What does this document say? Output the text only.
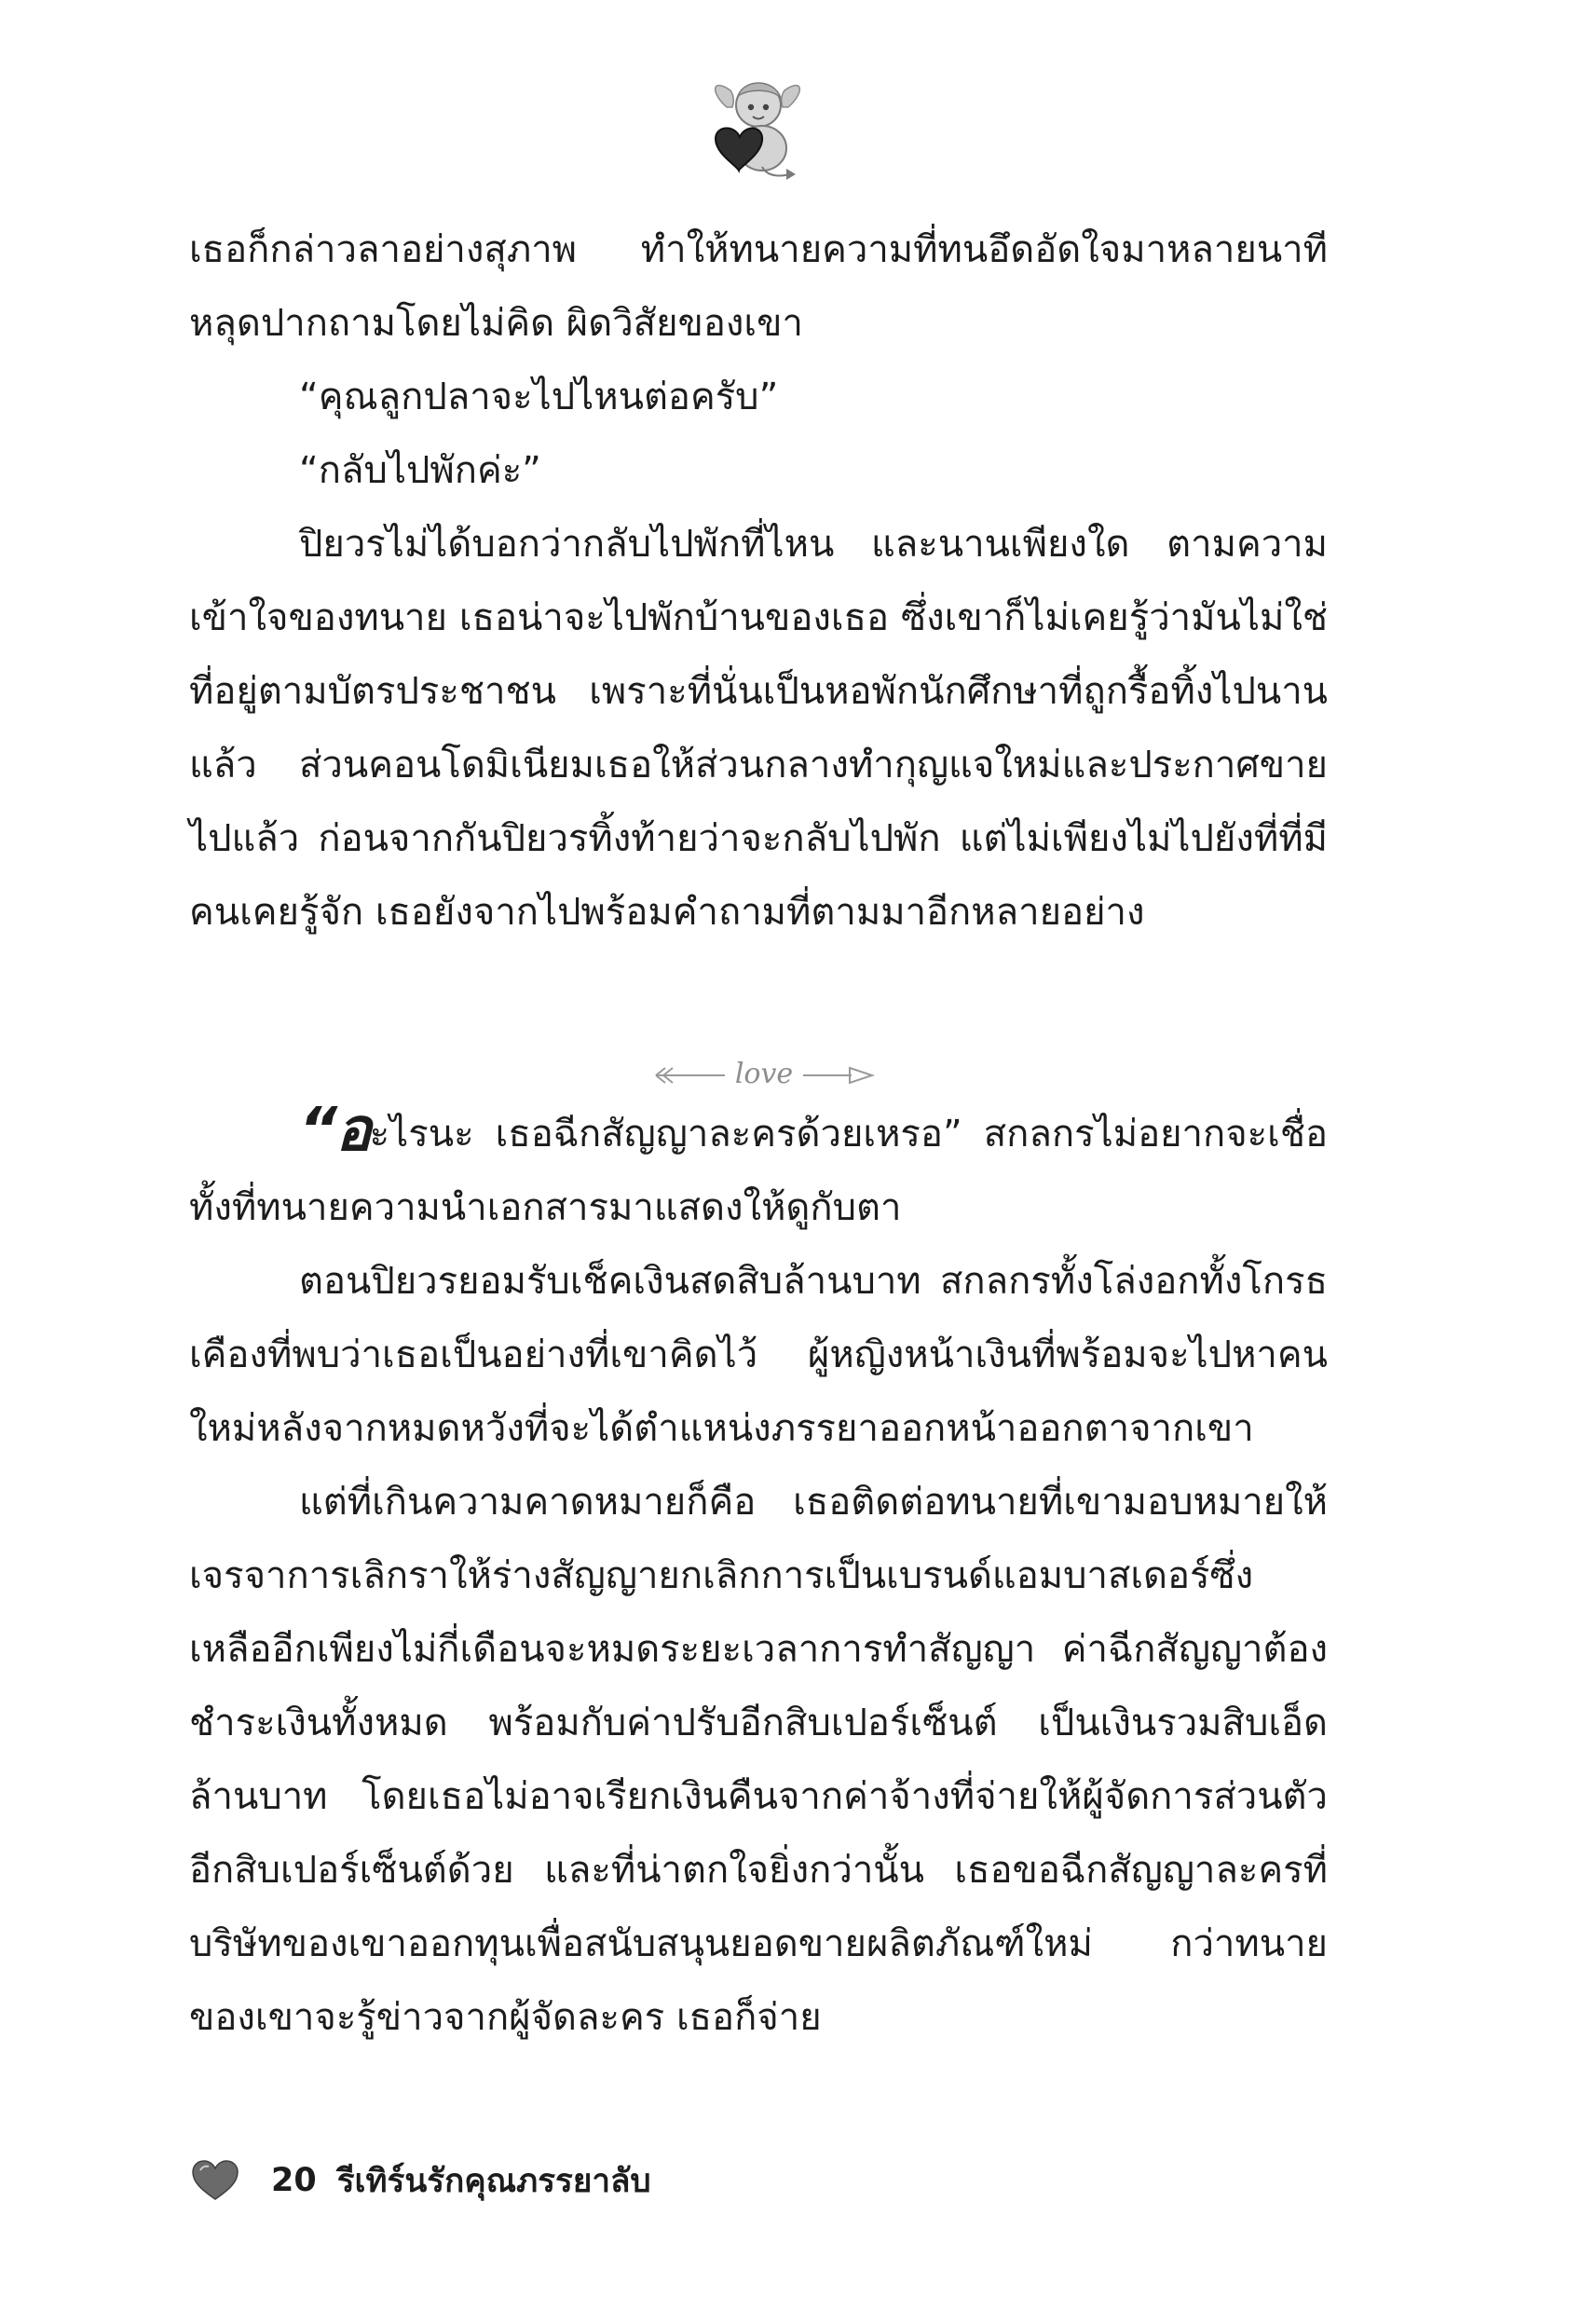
เธอก็กล่าวลาอย่างสุภาพ ทำให้ทนายความที่ทนอึดอัดใจมาหลายนาทีหลุดปากถามโดยไม่คิด ผิดวิสัยของเขา

“คุณลูกปลาจะไปไหนต่อครับ”

“กลับไปพักค่ะ”

ปิยวรไม่ได้บอกว่ากลับไปพักที่ไหน และนานเพียงใด ตามความเข้าใจของทนาย เธอน่าจะไปพักบ้านของเธอ ซึ่งเขาก็ไม่เคยรู้ว่ามันไม่ใช่ที่อยู่ตามบัตรประชาชน เพราะที่นั่นเป็นหอพักนักศึกษาที่ถูกรื้อทิ้งไปนานแล้ว ส่วนคอนโดมิเนียมเธอให้ส่วนกลางทำกุญแจใหม่และประกาศขายไปแล้ว ก่อนจากกันปิยวรทิ้งท้ายว่าจะกลับไปพัก แต่ไม่เพียงไม่ไปยังที่ที่มีคนเคยรู้จัก เธอยังจากไปพร้อมคำถามที่ตามมาอีกหลายอย่าง

love

“อะไรนะ เธอฉีกสัญญาละครด้วยเหรอ” สกลกรไม่อยากจะเชื่อ ทั้งที่ทนายความนำเอกสารมาแสดงให้ดูกับตา

ตอนปิยวรยอมรับเช็คเงินสดสิบล้านบาท สกลกรทั้งโล่งอกทั้งโกรธเคืองที่พบว่าเธอเป็นอย่างที่เขาคิดไว้ ผู้หญิงหน้าเงินที่พร้อมจะไปหาคนใหม่หลังจากหมดหวังที่จะได้ตำแหน่งภรรยาออกหน้าออกตาจากเขา

แต่ที่เกินความคาดหมายก็คือ เธอติดต่อทนายที่เขามอบหมายให้เจรจาการเลิกราให้ร่างสัญญายกเลิกการเป็นเบรนด์แอมบาสเดอร์ซึ่งเหลืออีกเพียงไม่กี่เดือนจะหมดระยะเวลาการทำสัญญา ค่าฉีกสัญญาต้องชำระเงินทั้งหมด พร้อมกับค่าปรับอีกสิบเปอร์เซ็นต์ เป็นเงินรวมสิบเอ็ดล้านบาท โดยเธอไม่อาจเรียกเงินคืนจากค่าจ้างที่จ่ายให้ผู้จัดการส่วนตัวอีกสิบเปอร์เซ็นต์ด้วย และที่น่าตกใจยิ่งกว่านั้น เธอขอฉีกสัญญาละครที่บริษัทของเขาออกทุนเพื่อสนับสนุนยอดขายผลิตภัณฑ์ใหม่ กว่าทนายของเขาจะรู้ข่าวจากผู้จัดละคร เธอก็จ่าย

20 รีเทิร์นรักคุณภรรยาลับ
